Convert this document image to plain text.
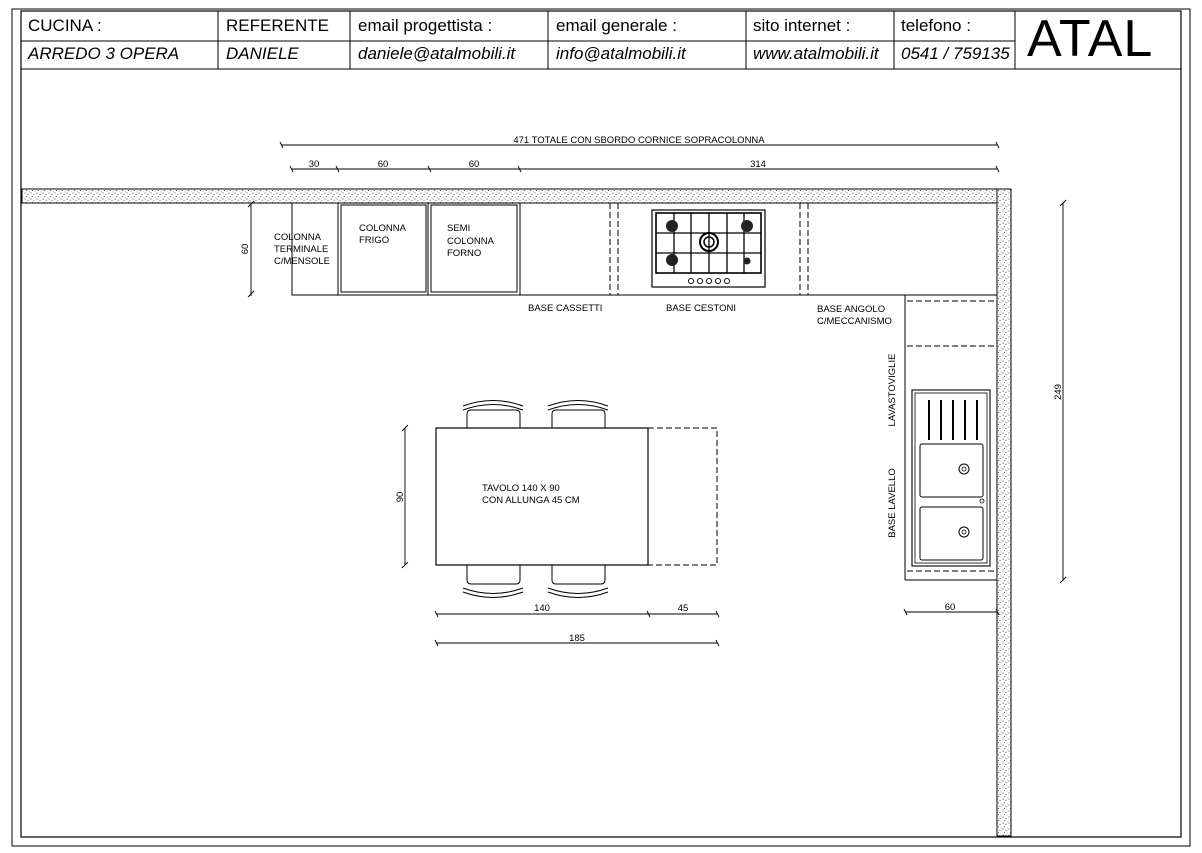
CUCINA :
ARREDO 3 OPERA
REFERENTE
DANIELE
email progettista :
daniele@atalmobili.it
email generale :
info@atalmobili.it
sito internet :
www.atalmobili.it
telefono :
0541 / 759135 ATAL
471 TOTALE CON SBORDO CORNICE SOPRACOLONNA
30	60	60	314
60
COLONNA TERMINALE C/MENSOLE
COLONNA FRIGO
SEMI COLONNA FORNO
BASE CASSETTI	BASE CESTONI	BASE ANGOLO C/MECCANISMO
LAVASTOVIGLIE
BASE LAVELLO
249
60
TAVOLO 140 X 90 CON ALLUNGA 45 CM
90
140	45
185
